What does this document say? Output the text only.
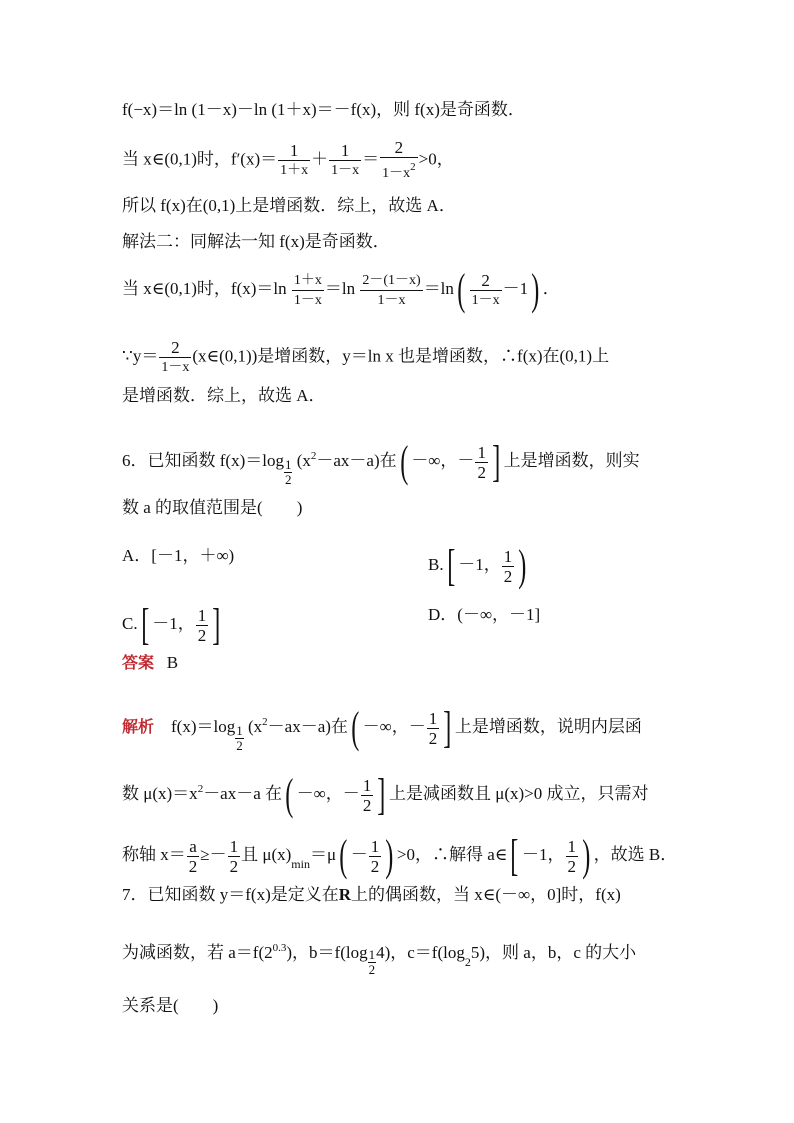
f(−x)＝ln (1－x)－ln (1＋x)＝－f(x)，则 f(x)是奇函数．
当 x∈(0,1)时，$f'(x)= \frac{1}{1+x} + \frac{1}{1-x} = \frac{2}{1-x^2} >0$，
所以 f(x)在(0,1)上是增函数．综上，故选 A．
解法二：同解法一知 f(x)是奇函数．
当 x∈(0,1)时，$f(x)=\ln \frac{1+x}{1-x} =\ln \frac{2-(1-x)}{1-x} =\ln( \frac{2}{1-x} -1)$ ．
∵y＝ $\frac{2}{1-x}$ (x∈(0,1))是增函数，y＝ln x 也是增函数，∴f(x)在(0,1)上
是增函数．综上，故选 A．
6．已知函数 $f(x)=\log \frac{1}{2} (x^2-ax-a)$在( －∞，－ $\frac{1}{2}$ ] 上是增函数，则实
数 a 的取值范围是(　　)
A．[－1，＋∞)	B.[ －1， $\frac{1}{2}$ )
C.[ －1， $\frac{1}{2}$ ]	D．(－∞，－1]
答案 B
解析 $f(x)=\log \frac{1}{2} (x^2-ax-a)$在( －∞，－ $\frac{1}{2}$ ] 上是增函数，说明内层函
数 $\mu(x)=x^2-ax-a$ 在( －∞，－ $\frac{1}{2}$ ] 上是减函数且 μ(x)>0 成立，只需对
称轴 $x= \frac{a}{2} \ge- \frac{1}{2}$ 且 $\mu(x)_{min}=\mu( - \frac{1}{2}$ ) >0，∴解得 a∈[ －1， $\frac{1}{2}$ ) ，故选 B．
7．已知函数 y＝f(x)是定义在R上的偶函数，当 x∈(－∞，0]时，f(x)
为减函数，若 $a=f(2^{0.3})$，$b=f(\log \frac{1}{2}4)$，$c=f(\log_25)$，则 a，b，c 的大小
关系是(　　)
